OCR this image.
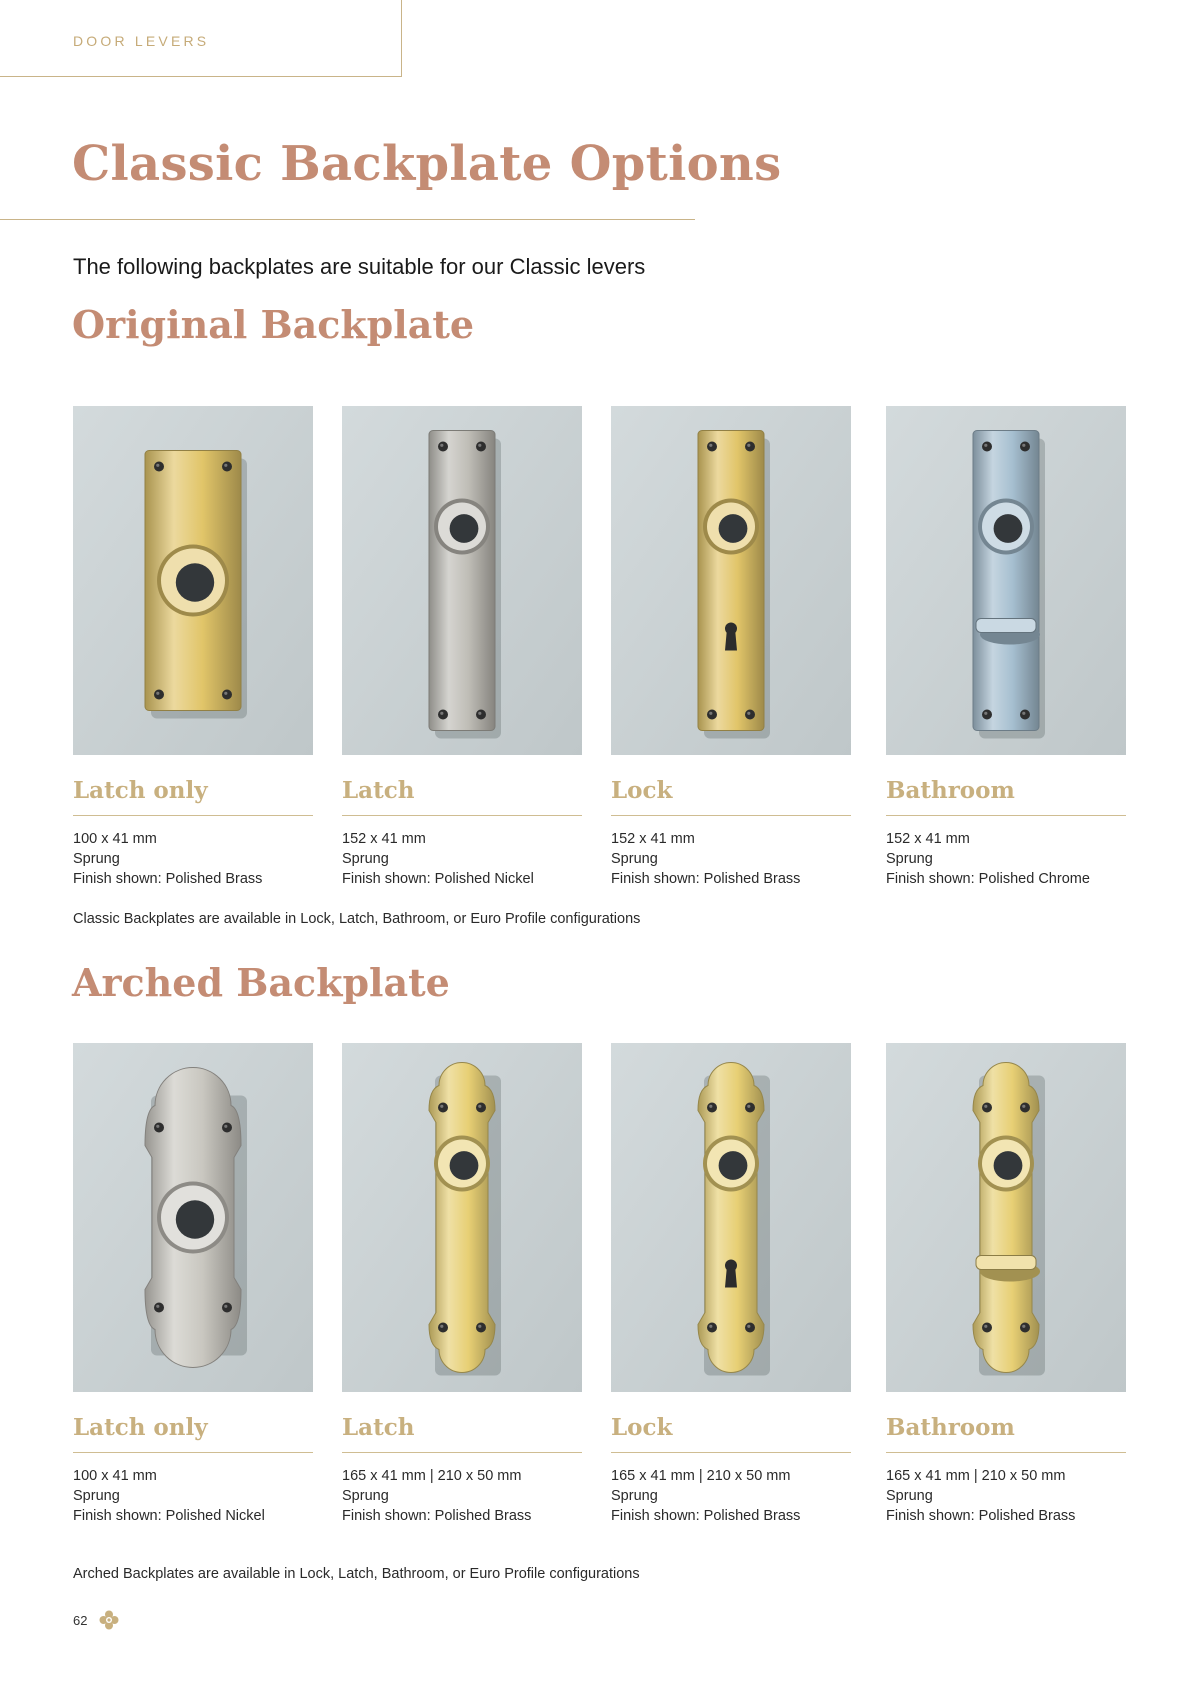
DOOR LEVERS
Classic Backplate Options
The following backplates are suitable for our Classic levers
Original Backplate
Latch only
100 x 41 mm
Sprung
Finish shown: Polished Brass
Latch
152 x 41 mm
Sprung
Finish shown: Polished Nickel
Lock
152 x 41 mm
Sprung
Finish shown: Polished Brass
Bathroom
152 x 41 mm
Sprung
Finish shown: Polished Chrome
Classic Backplates are available in Lock, Latch, Bathroom, or Euro Profile configurations
Arched Backplate
Latch only
100 x 41 mm
Sprung
Finish shown: Polished Nickel
Latch
165 x 41 mm | 210 x 50 mm
Sprung
Finish shown: Polished Brass
Lock
165 x 41 mm | 210 x 50 mm
Sprung
Finish shown: Polished Brass
Bathroom
165 x 41 mm | 210 x 50 mm
Sprung
Finish shown: Polished Brass
Arched Backplates are available in Lock, Latch, Bathroom, or Euro Profile configurations
62
